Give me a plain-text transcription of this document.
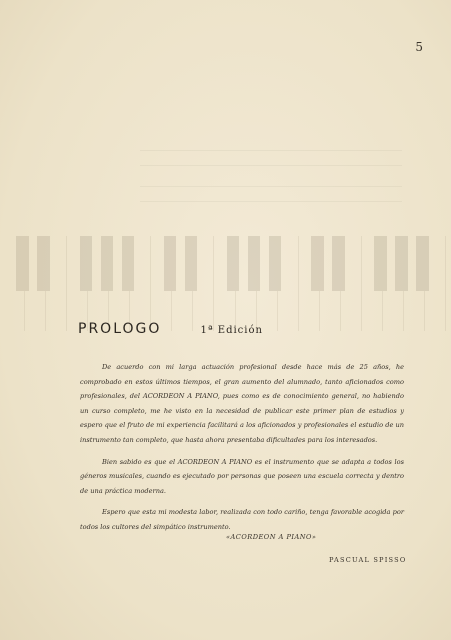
5
PROLOGO	1ª Edición

De acuerdo con mi larga actuación profesional desde hace más de 25 años, he comprobado en estos últimos tiempos, el gran aumento del alumnado, tanto aficionados como profesionales, del ACORDEON A PIANO, pues como es de conocimiento general, no habiendo un curso completo, me he visto en la necesidad de publicar este primer plan de estudios y espero que el fruto de mi experiencia facilitará a los aficionados y profesionales el estudio de un instrumento tan completo, que hasta ahora presentaba dificultades para los interesados.

Bien sabido es que el ACORDEON A PIANO es el instrumento que se adapta a todos los géneros musicales, cuando es ejecutado por personas que poseen una escuela correcta y dentro de una práctica moderna.

Espero que esta mi modesta labor, realizada con todo cariño, tenga favorable acogida por todos los cultores del simpático instrumento.

«ACORDEON A PIANO»
PASCUAL SPISSO
